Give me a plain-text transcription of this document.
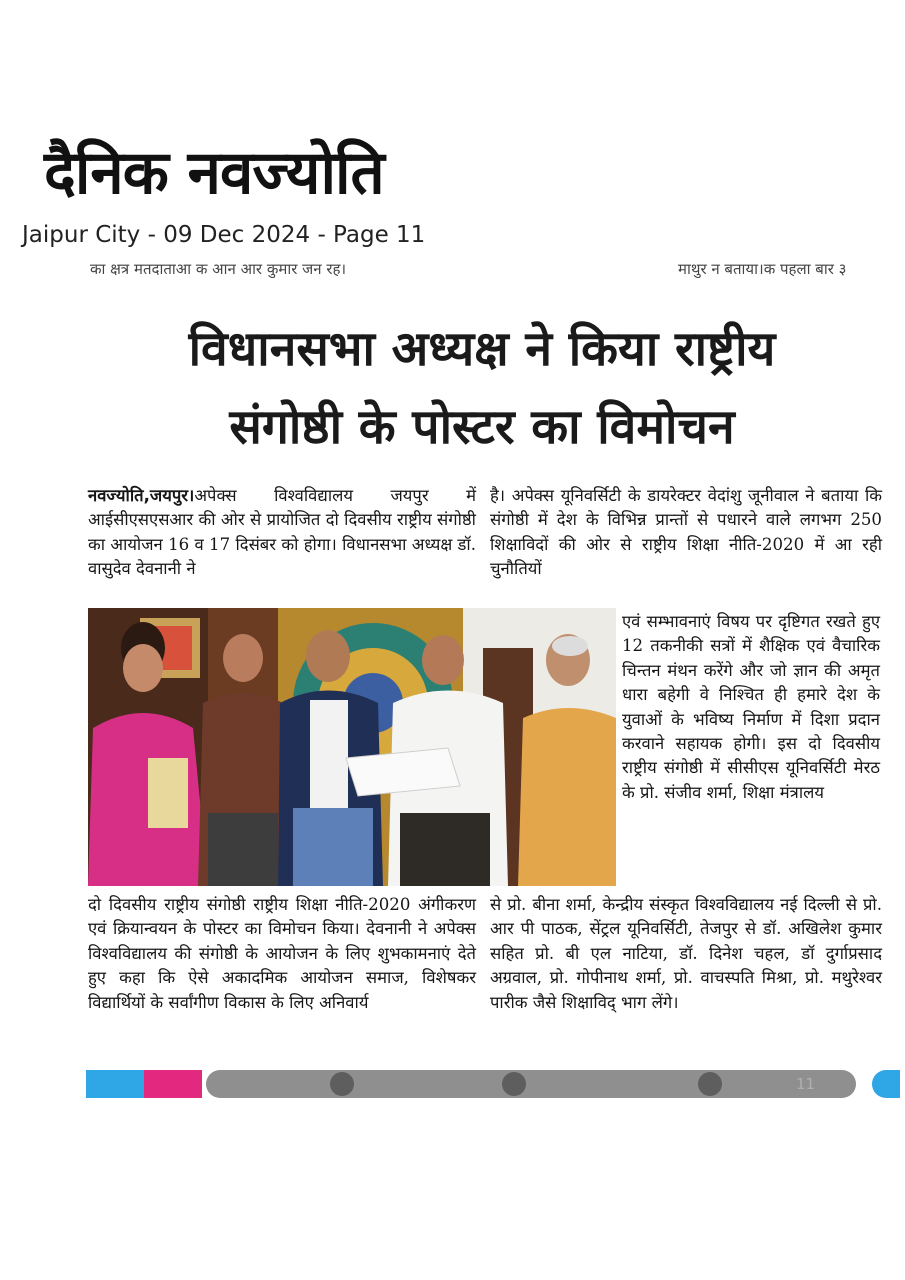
दैनिक नवज्योति
Jaipur City - 09 Dec 2024 - Page 11
का क्षत्र मतदाताआ क आन आर कुमार जन रह।	माथुर न बताया।क पहला बार ३
विधानसभा अध्यक्ष ने किया राष्ट्रीय
संगोष्ठी के पोस्टर का विमोचन
नवज्योति,जयपुर।अपेक्स विश्वविद्यालय जयपुर में आईसीएसएसआर की ओर से प्रायोजित दो दिवसीय राष्ट्रीय संगोष्ठी का आयोजन 16 व 17 दिसंबर को होगा। विधानसभा अध्यक्ष डॉ. वासुदेव देवनानी ने
है। अपेक्स यूनिवर्सिटी के डायरेक्टर वेदांशु जूनीवाल ने बताया कि संगोष्ठी में देश के विभिन्न प्रान्तों से पधारने वाले लगभग 250 शिक्षाविदों की ओर से राष्ट्रीय शिक्षा नीति-2020 में आ रही चुनौतियों
एवं सम्भावनाएं विषय पर दृष्टिगत रखते हुए 12 तकनीकी सत्रों में शैक्षिक एवं वैचारिक चिन्तन मंथन करेंगे और जो ज्ञान की अमृत धारा बहेगी वे निश्चित ही हमारे देश के युवाओं के भविष्य निर्माण में दिशा प्रदान करवाने सहायक होगी। इस दो दिवसीय राष्ट्रीय संगोष्ठी में सीसीएस यूनिवर्सिटी मेरठ के प्रो. संजीव शर्मा, शिक्षा मंत्रालय
दो दिवसीय राष्ट्रीय संगोष्ठी राष्ट्रीय शिक्षा नीति-2020 अंगीकरण एवं क्रियान्वयन के पोस्टर का विमोचन किया। देवनानी ने अपेक्स विश्वविद्यालय की संगोष्ठी के आयोजन के लिए शुभकामनाएं देते हुए कहा कि ऐसे अकादमिक आयोजन समाज, विशेषकर विद्यार्थियों के सर्वांगीण विकास के लिए अनिवार्य
से प्रो. बीना शर्मा, केन्द्रीय संस्कृत विश्वविद्यालय नई दिल्ली से प्रो. आर पी पाठक, सेंट्रल यूनिवर्सिटी, तेजपुर से डॉ. अखिलेश कुमार सहित प्रो. बी एल नाटिया, डॉ. दिनेश चहल, डॉ दुर्गाप्रसाद अग्रवाल, प्रो. गोपीनाथ शर्मा, प्रो. वाचस्पति मिश्रा, प्रो. मथुरेश्वर पारीक जैसे शिक्षाविद् भाग लेंगे।
11
